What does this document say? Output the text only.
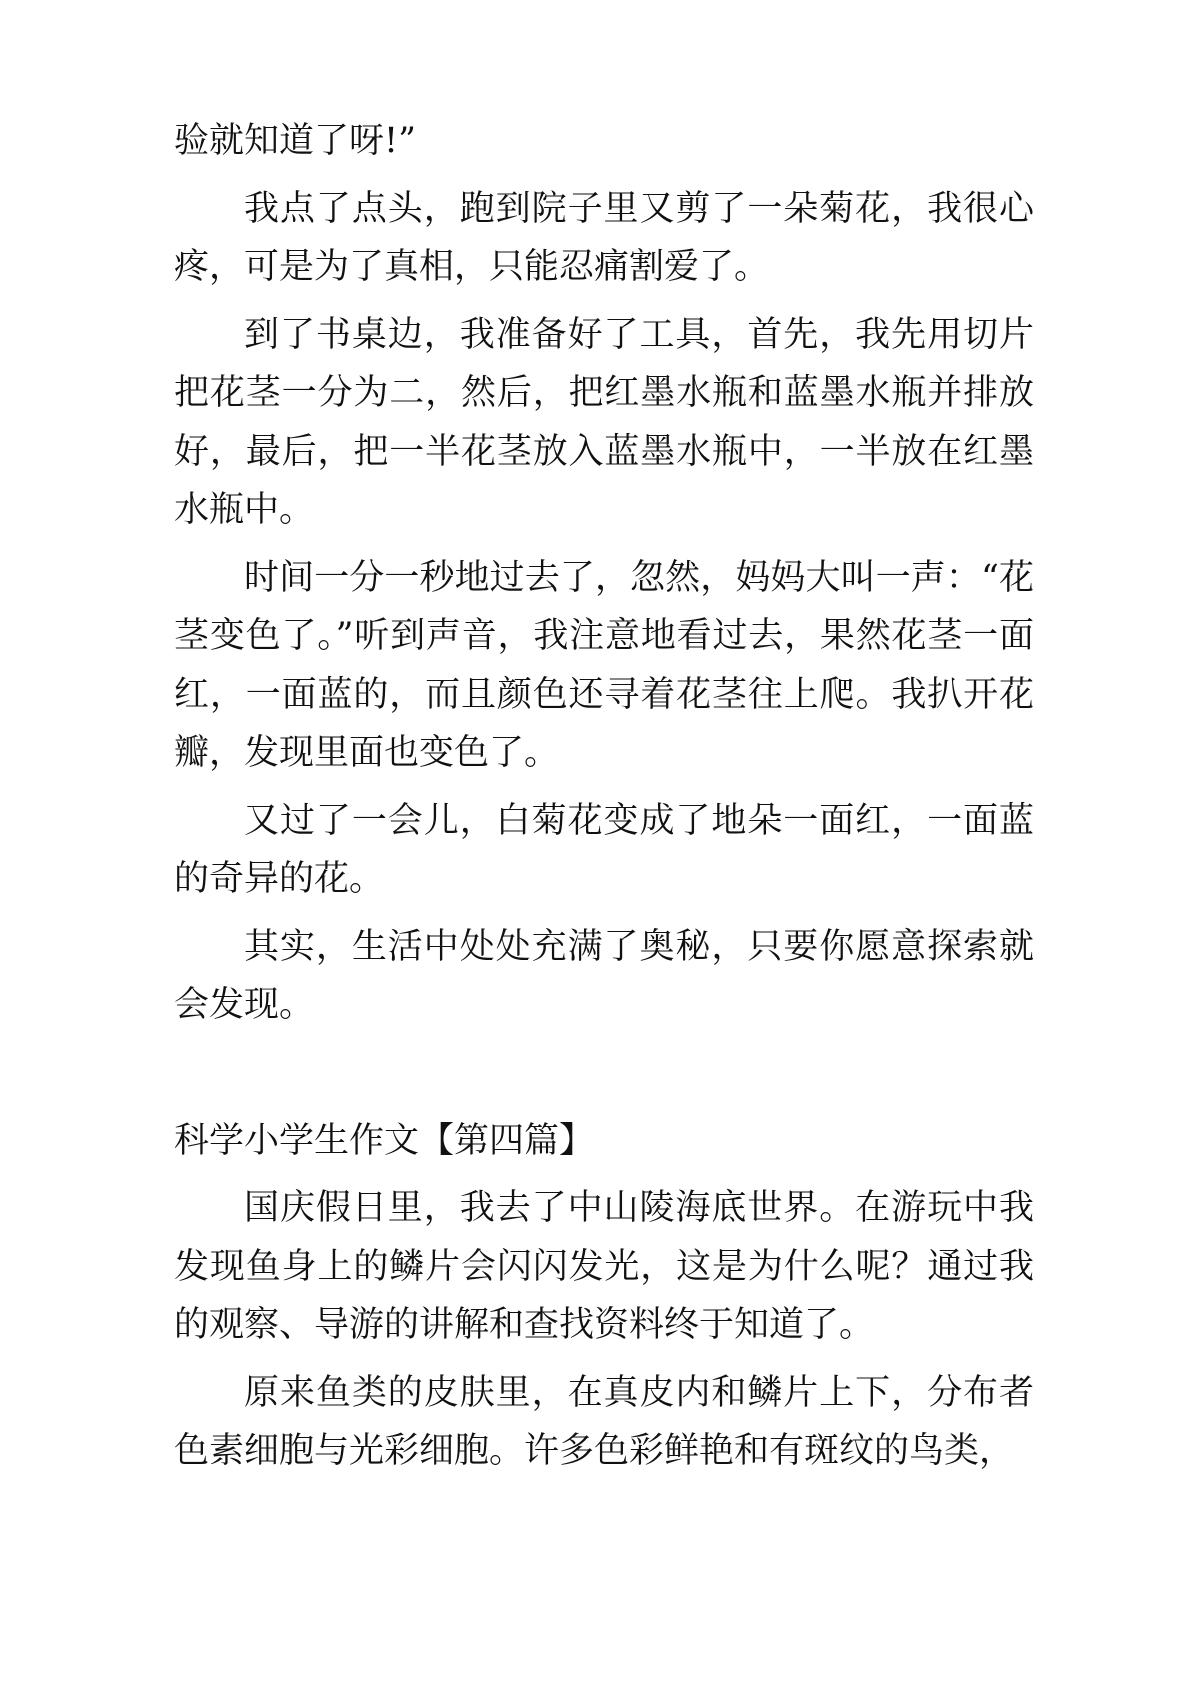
验就知道了呀!”

我点了点头，跑到院子里又剪了一朵菊花，我很心疼，可是为了真相，只能忍痛割爱了。

到了书桌边，我准备好了工具，首先，我先用切片把花茎一分为二，然后，把红墨水瓶和蓝墨水瓶并排放好，最后，把一半花茎放入蓝墨水瓶中，一半放在红墨水瓶中。

时间一分一秒地过去了，忽然，妈妈大叫一声：“花茎变色了。”听到声音，我注意地看过去，果然花茎一面红，一面蓝的，而且颜色还寻着花茎往上爬。我扒开花瓣，发现里面也变色了。

又过了一会儿，白菊花变成了地朵一面红，一面蓝的奇异的花。

其实，生活中处处充满了奥秘，只要你愿意探索就会发现。

科学小学生作文【第四篇】

国庆假日里，我去了中山陵海底世界。在游玩中我发现鱼身上的鳞片会闪闪发光，这是为什么呢？通过我的观察、导游的讲解和查找资料终于知道了。

原来鱼类的皮肤里，在真皮内和鳞片上下，分布者色素细胞与光彩细胞。许多色彩鲜艳和有斑纹的鸟类，
